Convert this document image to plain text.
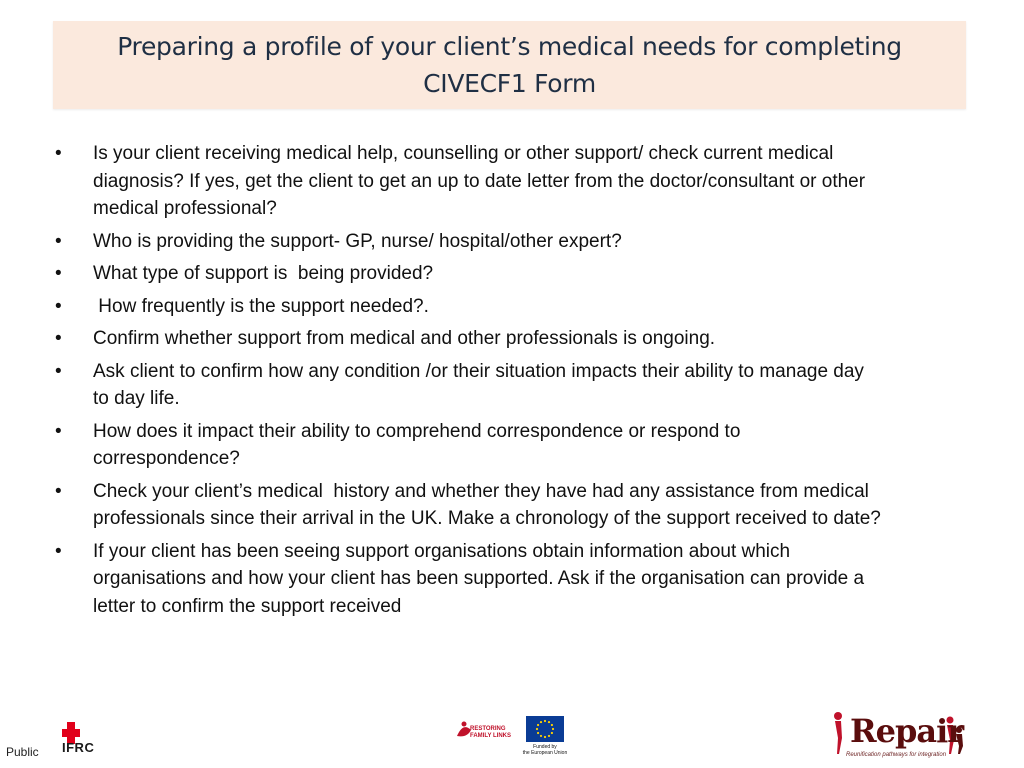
Preparing a profile of your client’s medical needs for completing
CIVECF1 Form
• Is your client receiving medical help, counselling or other support/ check current medical
diagnosis? If yes, get the client to get an up to date letter from the doctor/consultant or other
medical professional?
• Who is providing the support- GP, nurse/ hospital/other expert?
• What type of support is  being provided?
• How frequently is the support needed?.
• Confirm whether support from medical and other professionals is ongoing.
• Ask client to confirm how any condition /or their situation impacts their ability to manage day
to day life.
• How does it impact their ability to comprehend correspondence or respond to
correspondence?
• Check your client’s medical  history and whether they have had any assistance from medical
professionals since their arrival in the UK. Make a chronology of the support received to date?
• If your client has been seeing support organisations obtain information about which
organisations and how your client has been supported. Ask if the organisation can provide a
letter to confirm the support received
Public IFRC
RESTORING
FAMILY LINKS
Funded by
the European Union
Repair
Reunification pathways for integration
